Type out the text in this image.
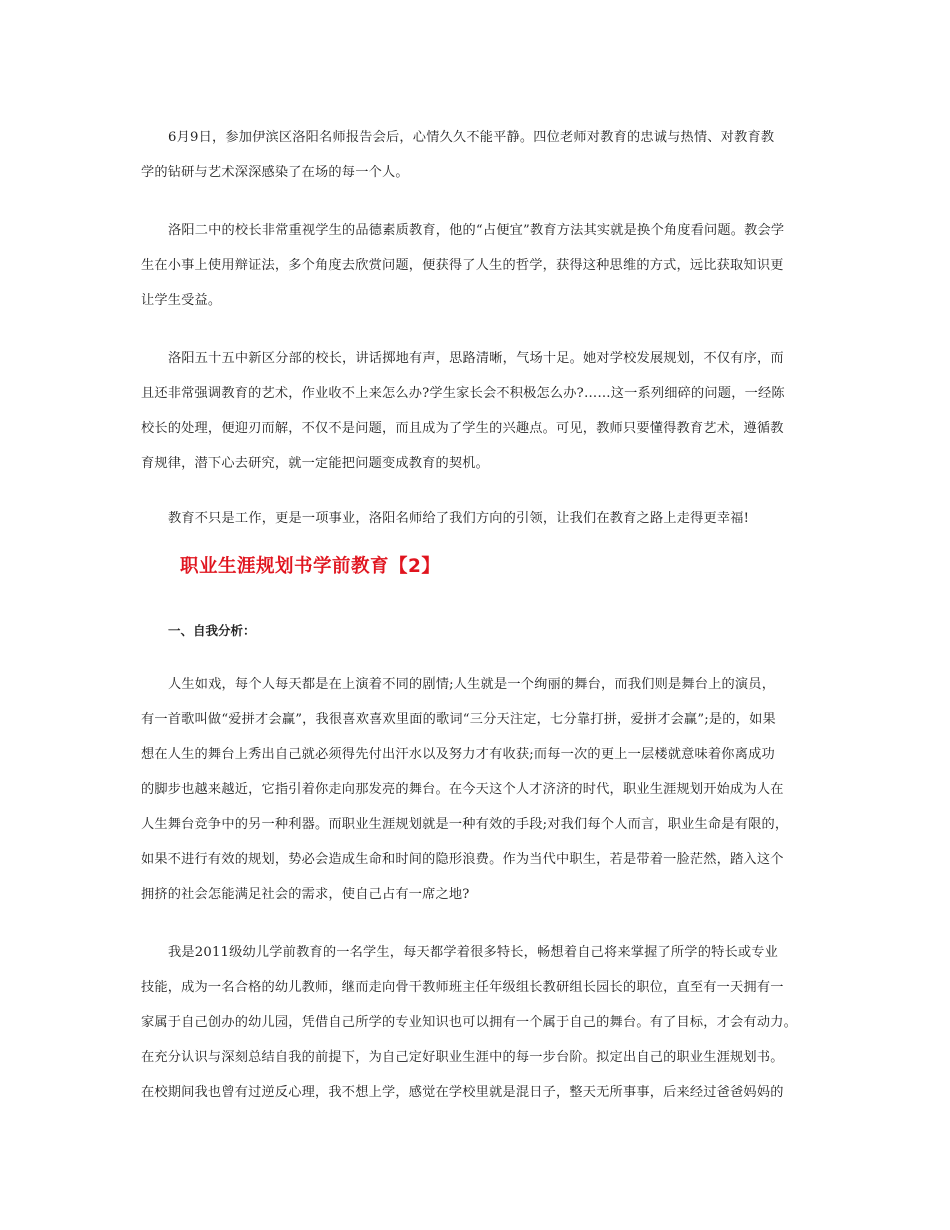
6月9日，参加伊滨区洛阳名师报告会后，心情久久不能平静。四位老师对教育的忠诚与热情、对教育教
学的钻研与艺术深深感染了在场的每一个人。
洛阳二中的校长非常重视学生的品德素质教育，他的“占便宜”教育方法其实就是换个角度看问题。教会学
生在小事上使用辩证法，多个角度去欣赏问题，便获得了人生的哲学，获得这种思维的方式，远比获取知识更
让学生受益。
洛阳五十五中新区分部的校长，讲话掷地有声，思路清晰，气场十足。她对学校发展规划，不仅有序，而
且还非常强调教育的艺术，作业收不上来怎么办?学生家长会不积极怎么办?……这一系列细碎的问题，一经陈
校长的处理，便迎刃而解，不仅不是问题，而且成为了学生的兴趣点。可见，教师只要懂得教育艺术，遵循教
育规律，潜下心去研究，就一定能把问题变成教育的契机。
教育不只是工作，更是一项事业，洛阳名师给了我们方向的引领，让我们在教育之路上走得更幸福!
职业生涯规划书学前教育【2】
一、自我分析：
人生如戏，每个人每天都是在上演着不同的剧情;人生就是一个绚丽的舞台，而我们则是舞台上的演员，
有一首歌叫做“爱拼才会赢”，我很喜欢喜欢里面的歌词“三分天注定，七分靠打拼，爱拼才会赢”;是的，如果
想在人生的舞台上秀出自己就必须得先付出汗水以及努力才有收获;而每一次的更上一层楼就意味着你离成功
的脚步也越来越近，它指引着你走向那发亮的舞台。在今天这个人才济济的时代，职业生涯规划开始成为人在
人生舞台竞争中的另一种利器。而职业生涯规划就是一种有效的手段;对我们每个人而言，职业生命是有限的，
如果不进行有效的规划，势必会造成生命和时间的隐形浪费。作为当代中职生，若是带着一脸茫然，踏入这个
拥挤的社会怎能满足社会的需求，使自己占有一席之地?
我是2011级幼儿学前教育的一名学生，每天都学着很多特长，畅想着自己将来掌握了所学的特长或专业
技能，成为一名合格的幼儿教师，继而走向骨干教师班主任年级组长教研组长园长的职位，直至有一天拥有一
家属于自己创办的幼儿园，凭借自己所学的专业知识也可以拥有一个属于自己的舞台。有了目标，才会有动力。
在充分认识与深刻总结自我的前提下，为自己定好职业生涯中的每一步台阶。拟定出自己的职业生涯规划书。
在校期间我也曾有过逆反心理，我不想上学，感觉在学校里就是混日子，整天无所事事，后来经过爸爸妈妈的
